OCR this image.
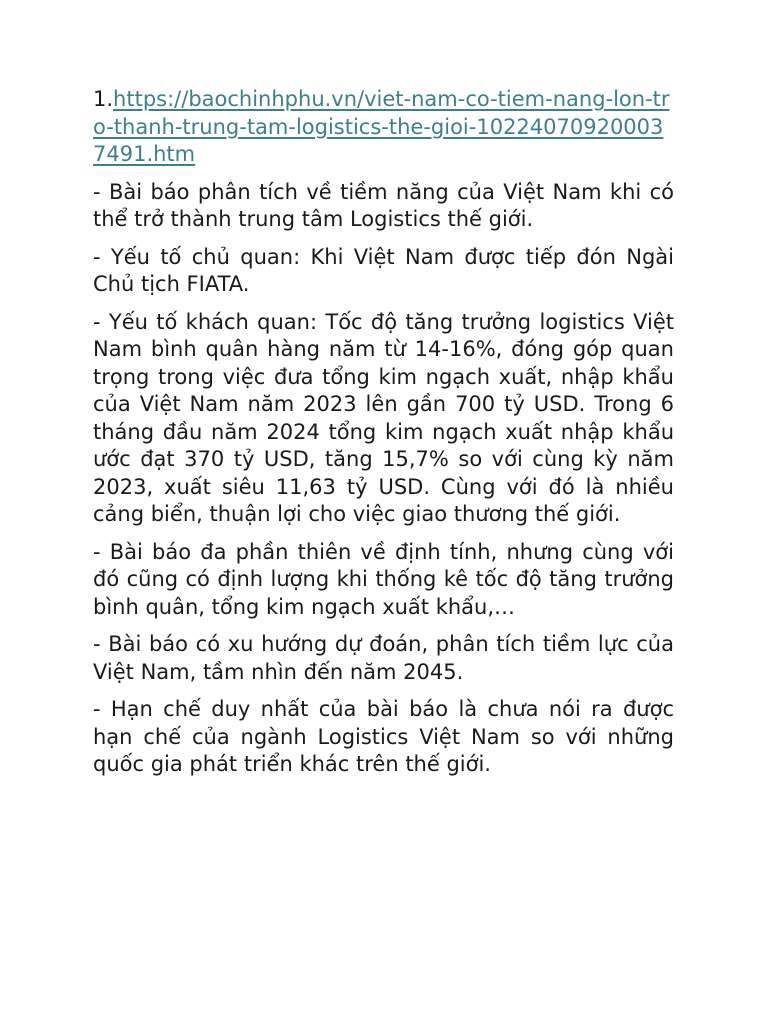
1.https://baochinhphu.vn/viet-nam-co-tiem-nang-lon-tro-thanh-trung-tam-logistics-the-gioi-102240709200037491.htm

- Bài báo phân tích về tiềm năng của Việt Nam khi có thể trở thành trung tâm Logistics thế giới.

- Yếu tố chủ quan: Khi Việt Nam được tiếp đón Ngài Chủ tịch FIATA.

- Yếu tố khách quan: Tốc độ tăng trưởng logistics Việt Nam bình quân hàng năm từ 14-16%, đóng góp quan trọng trong việc đưa tổng kim ngạch xuất, nhập khẩu của Việt Nam năm 2023 lên gần 700 tỷ USD. Trong 6 tháng đầu năm 2024 tổng kim ngạch xuất nhập khẩu ước đạt 370 tỷ USD, tăng 15,7% so với cùng kỳ năm 2023, xuất siêu 11,63 tỷ USD. Cùng với đó là nhiều cảng biển, thuận lợi cho việc giao thương thế giới.

- Bài báo đa phần thiên về định tính, nhưng cùng với đó cũng có định lượng khi thống kê tốc độ tăng trưởng bình quân, tổng kim ngạch xuất khẩu,…

- Bài báo có xu hướng dự đoán, phân tích tiềm lực của Việt Nam, tầm nhìn đến năm 2045.

- Hạn chế duy nhất của bài báo là chưa nói ra được hạn chế của ngành Logistics Việt Nam so với những quốc gia phát triển khác trên thế giới.
